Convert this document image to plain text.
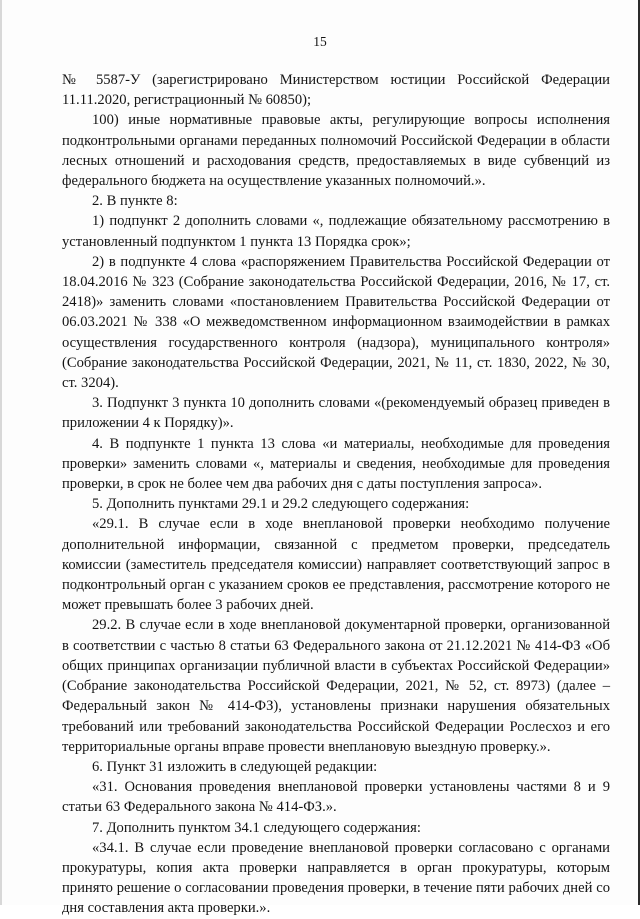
15

№ 5587-У (зарегистрировано Министерством юстиции Российской Федерации 11.11.2020, регистрационный № 60850);

100) иные нормативные правовые акты, регулирующие вопросы исполнения подконтрольными органами переданных полномочий Российской Федерации в области лесных отношений и расходования средств, предоставляемых в виде субвенций из федерального бюджета на осуществление указанных полномочий.».

2. В пункте 8:

1) подпункт 2 дополнить словами «, подлежащие обязательному рассмотрению в установленный подпунктом 1 пункта 13 Порядка срок»;

2) в подпункте 4 слова «распоряжением Правительства Российской Федерации от 18.04.2016 № 323 (Собрание законодательства Российской Федерации, 2016, № 17, ст. 2418)» заменить словами «постановлением Правительства Российской Федерации от 06.03.2021 № 338 «О межведомственном информационном взаимодействии в рамках осуществления государственного контроля (надзора), муниципального контроля» (Собрание законодательства Российской Федерации, 2021, № 11, ст. 1830, 2022, № 30, ст. 3204).

3. Подпункт 3 пункта 10 дополнить словами «(рекомендуемый образец приведен в приложении 4 к Порядку)».

4. В подпункте 1 пункта 13 слова «и материалы, необходимые для проведения проверки» заменить словами «, материалы и сведения, необходимые для проведения проверки, в срок не более чем два рабочих дня с даты поступления запроса».

5. Дополнить пунктами 29.1 и 29.2 следующего содержания:

«29.1. В случае если в ходе внеплановой проверки необходимо получение дополнительной информации, связанной с предметом проверки, председатель комиссии (заместитель председателя комиссии) направляет соответствующий запрос в подконтрольный орган с указанием сроков ее представления, рассмотрение которого не может превышать более 3 рабочих дней.

29.2. В случае если в ходе внеплановой документарной проверки, организованной в соответствии с частью 8 статьи 63 Федерального закона от 21.12.2021 № 414-ФЗ «Об общих принципах организации публичной власти в субъектах Российской Федерации» (Собрание законодательства Российской Федерации, 2021, № 52, ст. 8973) (далее – Федеральный закон № 414-ФЗ), установлены признаки нарушения обязательных требований или требований законодательства Российской Федерации Рослесхоз и его территориальные органы вправе провести внеплановую выездную проверку.».

6. Пункт 31 изложить в следующей редакции:

«31. Основания проведения внеплановой проверки установлены частями 8 и 9 статьи 63 Федерального закона № 414-ФЗ.».

7. Дополнить пунктом 34.1 следующего содержания:

«34.1. В случае если проведение внеплановой проверки согласовано с органами прокуратуры, копия акта проверки направляется в орган прокуратуры, которым принято решение о согласовании проведения проверки, в течение пяти рабочих дней со дня составления акта проверки.».
